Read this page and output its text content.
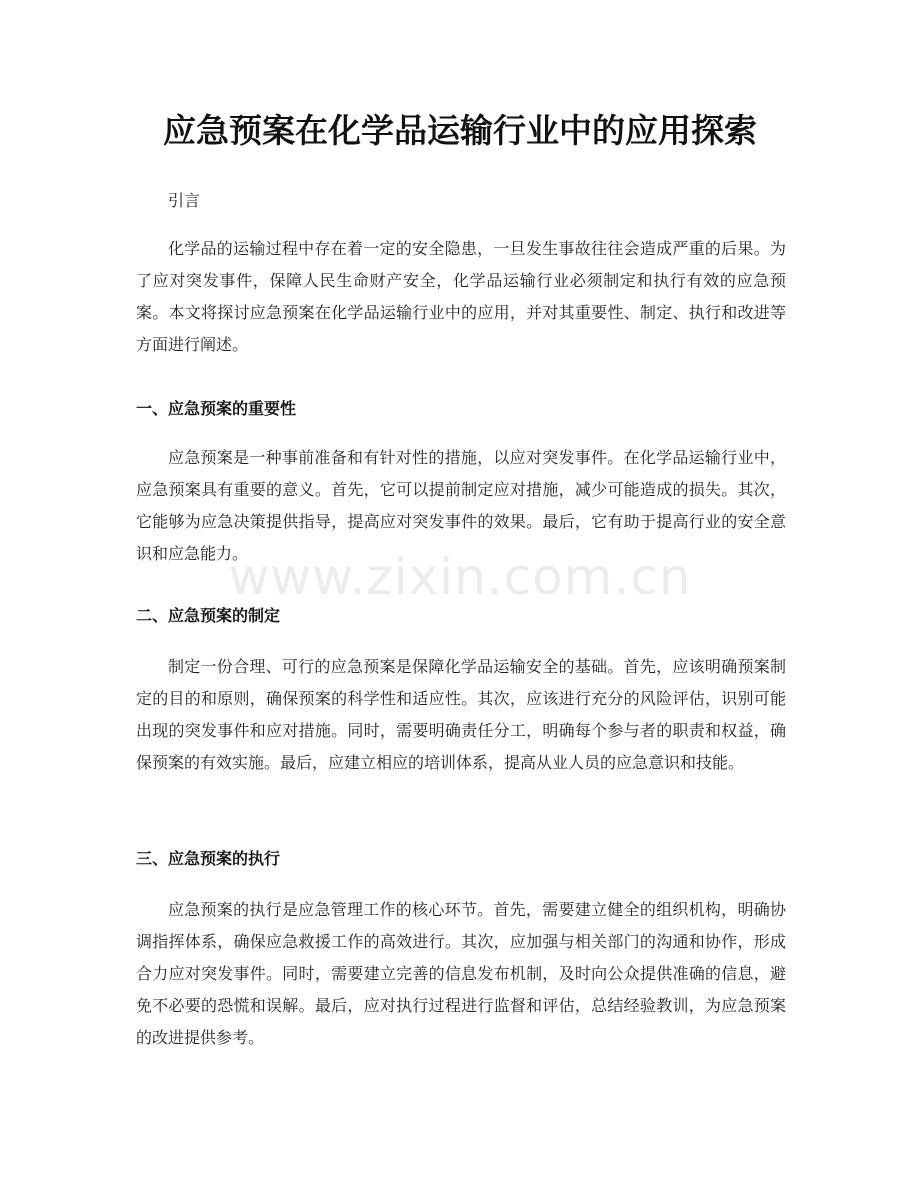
应急预案在化学品运输行业中的应用探索
引言

化学品的运输过程中存在着一定的安全隐患，一旦发生事故往往会造成严重的后果。为了应对突发事件，保障人民生命财产安全，化学品运输行业必须制定和执行有效的应急预案。本文将探讨应急预案在化学品运输行业中的应用，并对其重要性、制定、执行和改进等方面进行阐述。

一、应急预案的重要性

应急预案是一种事前准备和有针对性的措施，以应对突发事件。在化学品运输行业中，应急预案具有重要的意义。首先，它可以提前制定应对措施，减少可能造成的损失。其次，它能够为应急决策提供指导，提高应对突发事件的效果。最后，它有助于提高行业的安全意识和应急能力。

二、应急预案的制定

制定一份合理、可行的应急预案是保障化学品运输安全的基础。首先，应该明确预案制定的目的和原则，确保预案的科学性和适应性。其次，应该进行充分的风险评估，识别可能出现的突发事件和应对措施。同时，需要明确责任分工，明确每个参与者的职责和权益，确保预案的有效实施。最后，应建立相应的培训体系，提高从业人员的应急意识和技能。

三、应急预案的执行

应急预案的执行是应急管理工作的核心环节。首先，需要建立健全的组织机构，明确协调指挥体系，确保应急救援工作的高效进行。其次，应加强与相关部门的沟通和协作，形成合力应对突发事件。同时，需要建立完善的信息发布机制，及时向公众提供准确的信息，避免不必要的恐慌和误解。最后，应对执行过程进行监督和评估，总结经验教训，为应急预案的改进提供参考。

www.zixin.com.cn
